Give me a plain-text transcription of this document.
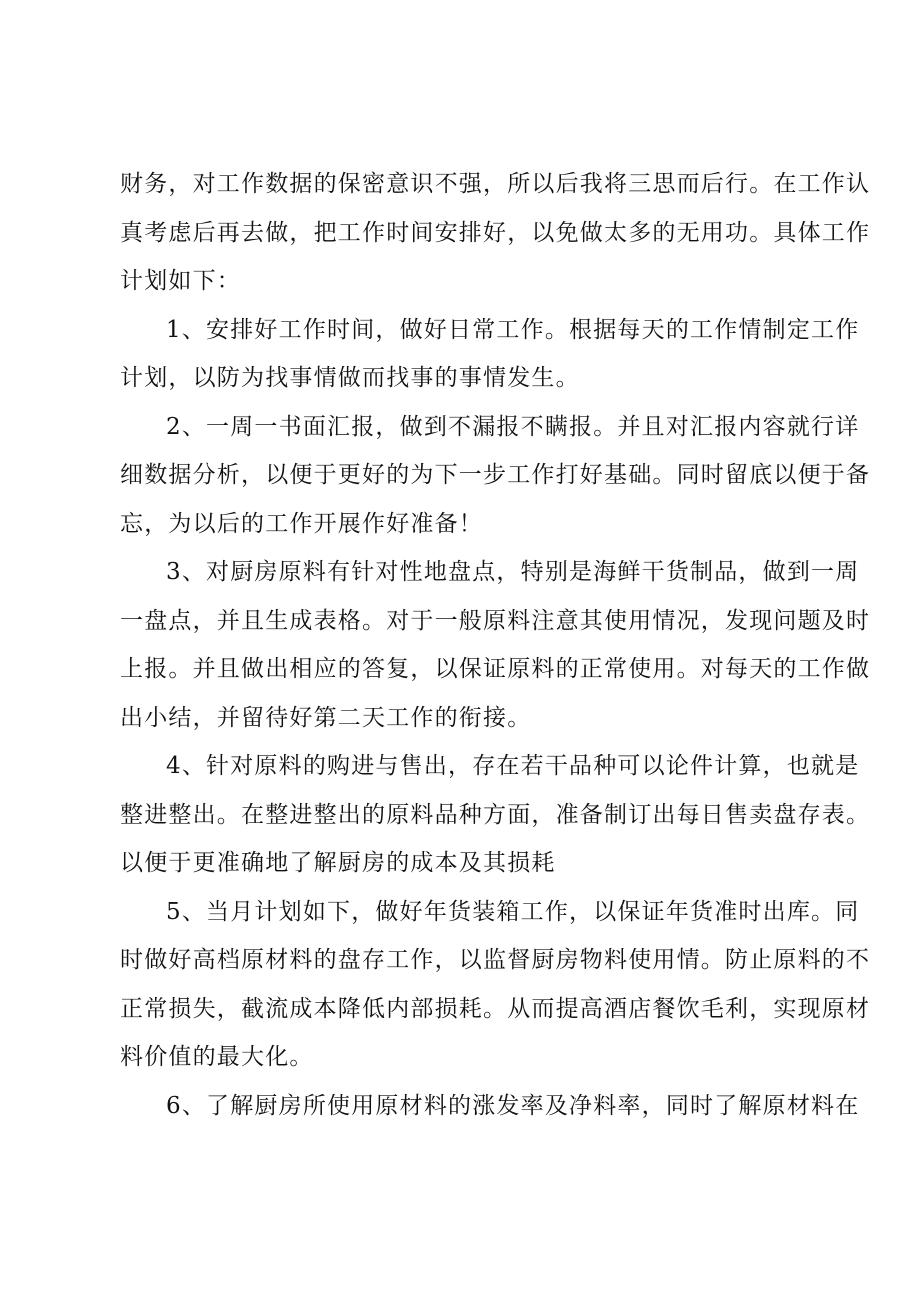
财务，对工作数据的保密意识不强，所以后我将三思而后行。在工作认
真考虑后再去做，把工作时间安排好，以免做太多的无用功。具体工作
计划如下：

1、安排好工作时间，做好日常工作。根据每天的工作情制定工作
计划，以防为找事情做而找事的事情发生。

2、一周一书面汇报，做到不漏报不瞒报。并且对汇报内容就行详
细数据分析，以便于更好的为下一步工作打好基础。同时留底以便于备
忘，为以后的工作开展作好准备！

3、对厨房原料有针对性地盘点，特别是海鲜干货制品，做到一周
一盘点，并且生成表格。对于一般原料注意其使用情况，发现问题及时
上报。并且做出相应的答复，以保证原料的正常使用。对每天的工作做
出小结，并留待好第二天工作的衔接。

4、针对原料的购进与售出，存在若干品种可以论件计算，也就是
整进整出。在整进整出的原料品种方面，准备制订出每日售卖盘存表。
以便于更准确地了解厨房的成本及其损耗

5、当月计划如下，做好年货装箱工作，以保证年货准时出库。同
时做好高档原材料的盘存工作，以监督厨房物料使用情。防止原料的不
正常损失，截流成本降低内部损耗。从而提高酒店餐饮毛利，实现原材
料价值的最大化。

6、了解厨房所使用原材料的涨发率及净料率，同时了解原材料在
